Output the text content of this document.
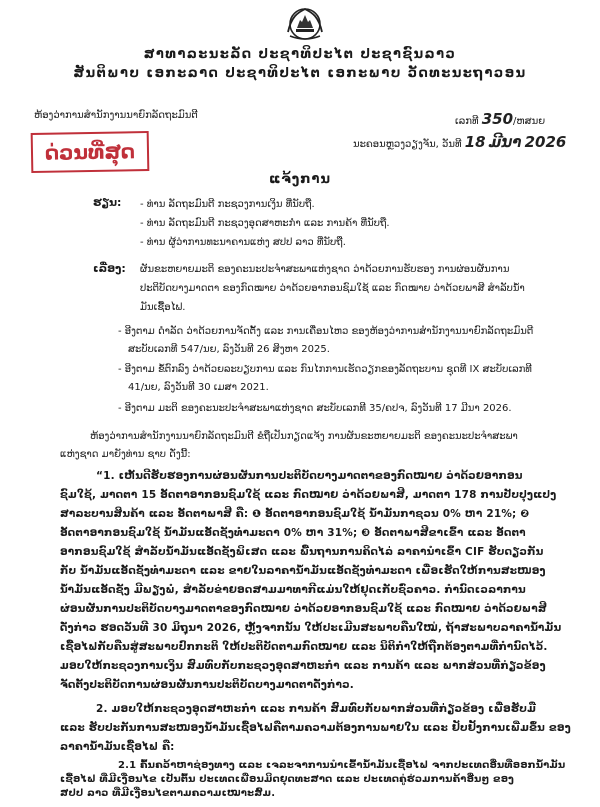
ສາທາລະນະລັດ ປະຊາທິປະໄຕ ປະຊາຊົນລາວ
ສັນຕິພາບ ເອກະລາດ ປະຊາທິປະໄຕ ເອກະພາບ ວັດທະນະຖາວອນ
ຫ້ອງວ່າການສຳນັກງານນາຍົກລັດຖະມົນຕີ
ເລກທີ 350/ຫສນຍ
ນະຄອນຫຼວງວຽງຈັນ, ວັນທີ 18 ມີນາ 2026
ດ່ວນທີ່ສຸດ
ແຈ້ງການ
ຮຽນ: - ທ່ານ ລັດຖະມົນຕີ ກະຊວງການເງິນ ທີ່ນັບຖື.
- ທ່ານ ລັດຖະມົນຕີ ກະຊວງອຸດສາຫະກຳ ແລະ ການຄ້າ ທີ່ນັບຖື.
- ທ່ານ ຜູ້ວ່າການທະນາຄານແຫ່ງ ສປປ ລາວ ທີ່ນັບຖື.
ເລື່ອງ: ຜັນຂະຫຍາຍມະຕິ ຂອງຄະນະປະຈຳສະພາແຫ່ງຊາດ ວ່າດ້ວຍການຮັບຮອງ ການຜ່ອນຜັນການ
ປະຕິບັດບາງມາດຕາ ຂອງກົດໝາຍ ວ່າດ້ວຍອາກອນຊົມໃຊ້ ແລະ ກົດໝາຍ ວ່າດ້ວຍພາສີ ສຳລັບນ້ຳ
ມັນເຊື້ອໄຟ.
- ອີງຕາມ ດຳລັດ ວ່າດ້ວຍການຈັດຕັ້ງ ແລະ ການເຄື່ອນໄຫວ ຂອງຫ້ອງວ່າການສຳນັກງານນາຍົກລັດຖະມົນຕີ
ສະບັບເລກທີ 547/ນຍ, ລົງວັນທີ 26 ສິງຫາ 2025.
- ອີງຕາມ ຂໍ້ຕົກລົງ ວ່າດ້ວຍລະບຽບການ ແລະ ກົນໄກການເຮັດວຽກຂອງລັດຖະບານ ຊຸດທີ IX ສະບັບເລກທີ
41/ນຍ, ລົງວັນທີ 30 ເມສາ 2021.
- ອີງຕາມ ມະຕິ ຂອງຄະນະປະຈຳສະພາແຫ່ງຊາດ ສະບັບເລກທີ 35/ຄປຈ, ລົງວັນທີ 17 ມີນາ 2026.
ຫ້ອງວ່າການສຳນັກງານນາຍົກລັດຖະມົນຕີ ຂໍຖືເປັນກຽດແຈ້ງ ການຜັນຂະຫຍາຍມະຕິ ຂອງຄະນະປະຈຳສະພາ
ແຫ່ງຊາດ ມາຍັງທ່ານ ຊາບ ດັ່ງນີ້:
“1. ເຫັນດີຮັບຮອງການຜ່ອນຜັນການປະຕິບັດບາງມາດຕາຂອງກົດໝາຍ ວ່າດ້ວຍອາກອນ
ຊົມໃຊ້, ມາດຕາ 15 ອັດຕາອາກອນຊົມໃຊ້ ແລະ ກົດໝາຍ ວ່າດ້ວຍພາສີ, ມາດຕາ 178 ການປັບປຸງແປງ
ສາລະບານສິນຄ້າ ແລະ ອັດຕາພາສີ ຄື: ❶ ອັດຕາອາກອນຊົມໃຊ້ ນ້ຳມັນກາຊວນ 0% ຫາ 21%; ❷
ອັດຕາອາກອນຊົມໃຊ້ ນ້ຳມັນແອັດຊັງທຳມະດາ 0% ຫາ 31%; ❸ ອັດຕາພາສີຂາເຂົ້າ ແລະ ອັດຕາ
ອາກອນຊົມໃຊ້ ສຳລັບນ້ຳມັນແອັດຊັງພິເສດ ແລະ ພື້ນຖານການຄິດໄລ່ ລາຄານຳເຂົ້າ CIF ຮັບດຽວກັນ
ກັບ ນ້ຳມັນແອັດຊັງທຳມະດາ ແລະ ຂາຍໃນລາຄານ້ຳມັນແອັດຊັງທຳມະດາ ເພື່ອເຮັດໃຫ້ການສະໜອງ
ນ້ຳມັນແອັດຊັງ ມີພຽງພໍ, ສຳລັບຂ່າຍອດສາມມາທາກີແມ່ນໃຫ້ຢຸດເກັບຊົ່ວຄາວ. ກຳນົດເວລາການ
ຜ່ອນຜັນການປະຕິບັດບາງມາດຕາຂອງກົດໝາຍ ວ່າດ້ວຍອາກອນຊົມໃຊ້ ແລະ ກົດໝາຍ ວ່າດ້ວຍພາສີ
ດັ່ງກ່າວ ຮອດວັນທີ 30 ມິຖຸນາ 2026, ຫຼັງຈາກນັ້ນ ໃຫ້ປະເມີນສະພາບຄືນໃໝ່, ຖ້າສະພາບລາຄານ້ຳມັນ
ເຊື້ອໄຟກັບຄືນສູ່ສະພາບປົກກະຕິ ໃຫ້ປະຕິບັດຕາມກົດໝາຍ ແລະ ນິຕິກຳໃຫ້ຖືກຕ້ອງຕາມທີ່ກຳນົດໄວ້.
ມອບໃຫ້ກະຊວງການເງິນ ສົມທົບກັບກະຊວງອຸດສາຫະກຳ ແລະ ການຄ້າ ແລະ ພາກສ່ວນທີ່ກ່ຽວຂ້ອງ
ຈັດຕັ້ງປະຕິບັດການຜ່ອນຜັນການປະຕິບັດບາງມາດຕາດັ່ງກ່າວ.
2. ມອບໃຫ້ກະຊວງອຸດສາຫະກຳ ແລະ ການຄ້າ ສົມທົບກັບພາກສ່ວນທີ່ກ່ຽວຂ້ອງ ເພື່ອຮັບມື
ແລະ ຮັບປະກັນການສະໜອງນ້ຳມັນເຊື້ອໄຟຄືຕາມຄວາມຕ້ອງການພາຍໃນ ແລະ ຢັບຢັ້ງການເພີ່ມຂຶ້ນ ຂອງ
ລາຄານ້ຳມັນເຊື້ອໄຟ ຄື:
2.1 ຄົ້ນຄວ້າຫາຊ່ອງທາງ ແລະ ເຈລະຈາການນຳເຂົ້ານ້ຳມັນເຊື້ອໄຟ ຈາກປະເທດອື່ນທີ່ອອກນ້ຳມັນ
ເຊື້ອໄຟ ທີ່ມີເງື່ອນໄຂ ເປັນຕົ້ນ ປະເທດເພື່ອນມິດຍຸດທະສາດ ແລະ ປະເທດຄູ່ຮ່ວມການຄ້າອື່ນໆ ຂອງ
ສປປ ລາວ ທີ່ມີເງື່ອນໄຂຕາມຄວາມເໝາະສົມ.
